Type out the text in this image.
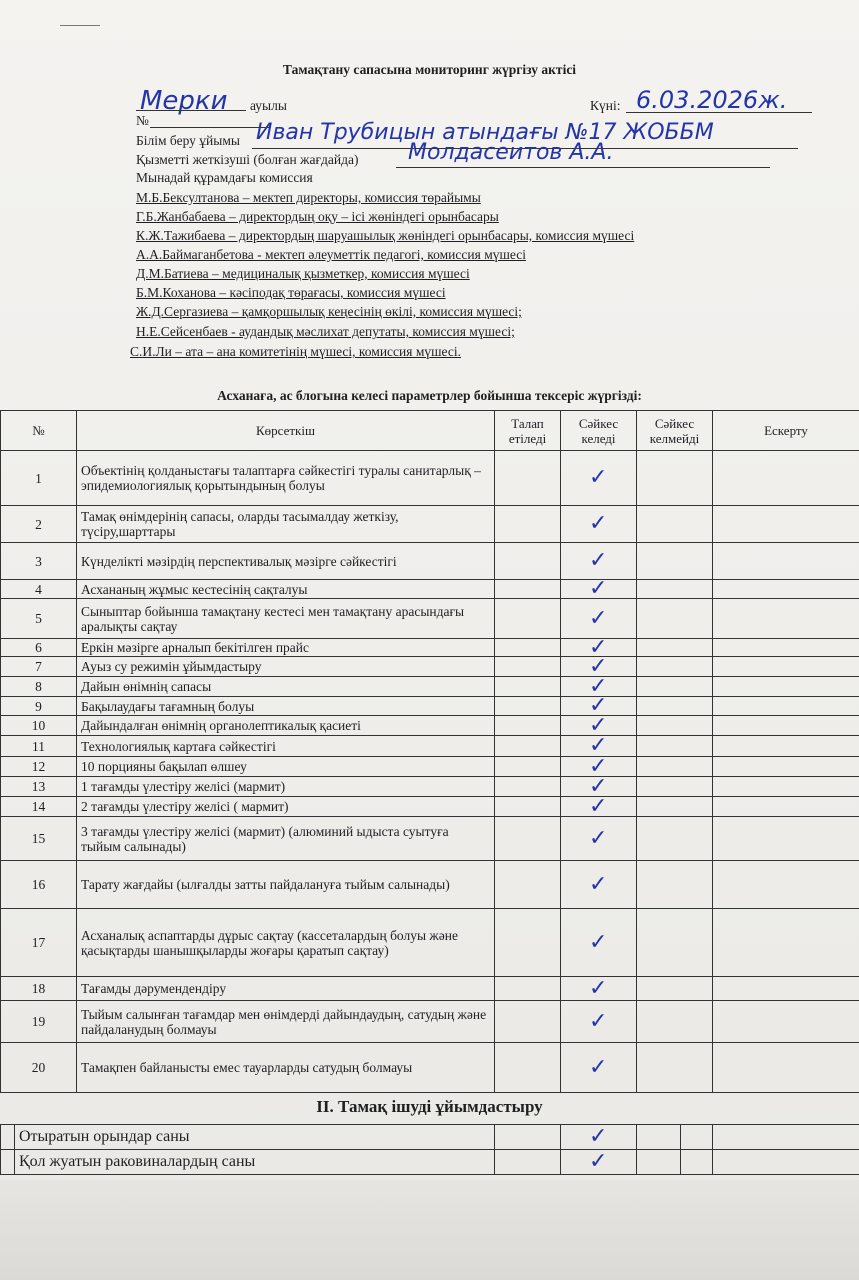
Тамақтану сапасына мониторинг жүргізу актісі
Мерки ауылы	Күні: 6.03.2026ж.
№
Білім беру ұйымы Иван Трубицын атындағы №17 ЖОББМ
Қызметті жеткізуші (болған жағдайда) Молдасеитов А.А.
Мынадай құрамдағы комиссия
М.Б.Бексултанова – мектеп директоры, комиссия төрайымы
Г.Б.Жанбабаева – директордың оқу – ісі жөніндегі орынбасары
К.Ж.Тажибаева – директордың шаруашылық жөніндегі орынбасары, комиссия мүшесі
А.А.Баймаганбетова - мектеп әлеуметтік педагогі, комиссия мүшесі
Д.М.Батиева – медициналық қызметкер, комиссия мүшесі
Б.М.Коханова – кәсіподақ төрағасы, комиссия мүшесі
Ж.Д.Сергазиева – қамқоршылық кеңесінің өкілі, комиссия мүшесі;
Н.Е.Сейсенбаев - аудандық мәслихат депутаты, комиссия мүшесі;
С.И.Ли – ата – ана комитетінің мүшесі, комиссия мүшесі.
Асханаға, ас блогына келесі параметрлер бойынша тексеріс жүргізді:
№	Көрсеткіш	Талап етіледі	Сәйкес келеді	Сәйкес келмейді	Ескерту
1	Объектінің қолданыстағы талаптарға сәйкестігі туралы санитарлық – эпидемиологиялық қорытындының болуы		✓		

2	Тамақ өнімдерінің сапасы, оларды тасымалдау жеткізу, түсіру,шарттары		✓		

3	Күнделікті мәзірдің перспективалық мәзірге сәйкестігі		✓		

4	Асхананың жұмыс кестесінің сақталуы		✓		

5	Сыныптар бойынша тамақтану кестесі мен тамақтану арасындағы аралықты сақтау		✓		

6	Еркін мәзірге арналып бекітілген прайс		✓		

7	Ауыз су режимін ұйымдастыру		✓		

8	Дайын өнімнің сапасы		✓		

9	Бақылаудағы тағамның болуы		✓		

10	Дайындалған өнімнің органолептикалық қасиеті		✓		

11	Технологиялық картаға сәйкестігі		✓		

12	10 порцияны бақылап өлшеу		✓		

13	1 тағамды үлестіру желісі (мармит)		✓		

14	2 тағамды үлестіру желісі ( мармит)		✓		

15	3 тағамды үлестіру желісі (мармит) (алюминий ыдыста суытуға тыйым салынады)		✓		

16	Тарату жағдайы (ылғалды затты пайдалануға тыйым салынады)		✓		

17	Асханалық аспаптарды дұрыс сақтау (кассеталардың болуы және қасықтарды шанышқыларды жоғары қаратып сақтау)		✓		

18	Тағамды дәрумендендіру		✓		

19	Тыйым салынған тағамдар мен өнімдерді дайындаудың, сатудың және пайдаланудың болмауы		✓		

20	Тамақпен байланысты емес тауарларды сатудың болмауы		✓		

II. Тамақ ішуді ұйымдастыру
	Отыратын орындар саны		✓			

	Қол жуатын раковиналардың саны		✓			
